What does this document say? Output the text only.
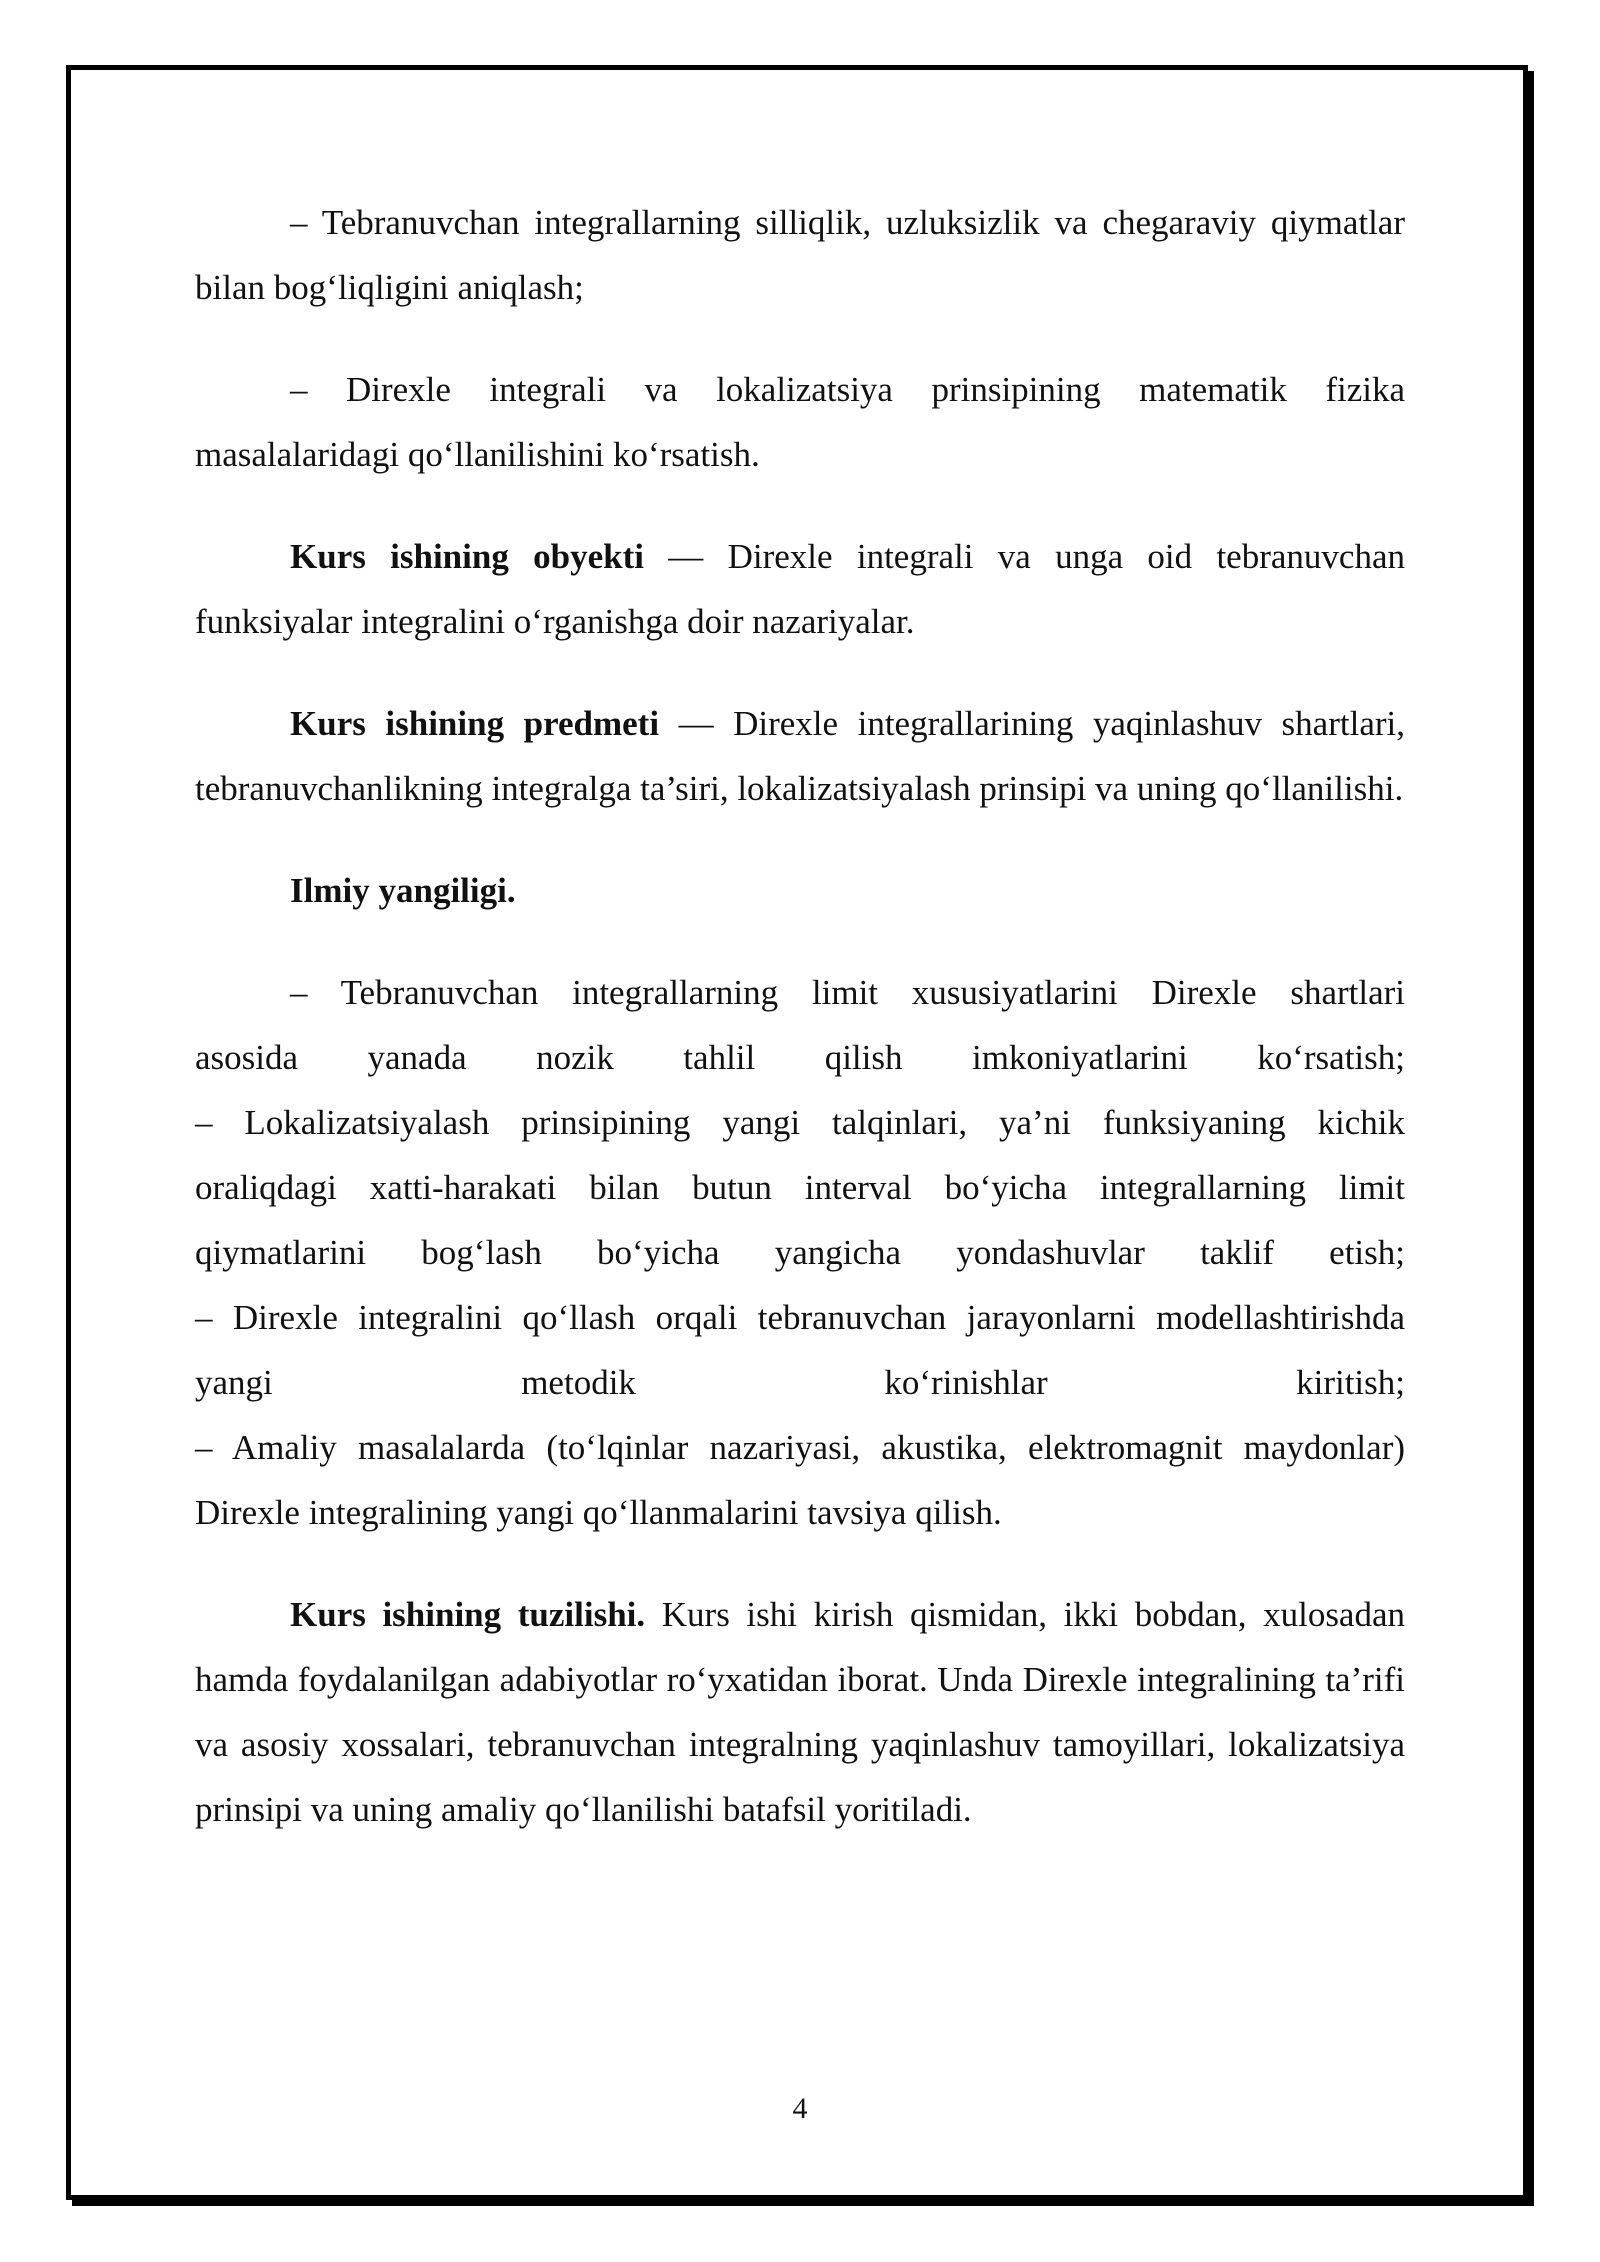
– Tebranuvchan integrallarning silliqlik, uzluksizlik va chegaraviy qiymatlar bilan bog‘liqligini aniqlash;

– Direxle integrali va lokalizatsiya prinsipining matematik fizika masalalaridagi qo‘llanilishini ko‘rsatish.

Kurs ishining obyekti — Direxle integrali va unga oid tebranuvchan funksiyalar integralini o‘rganishga doir nazariyalar.

Kurs ishining predmeti — Direxle integrallarining yaqinlashuv shartlari, tebranuvchanlikning integralga ta’siri, lokalizatsiyalash prinsipi va uning qo‘llanilishi.

Ilmiy yangiligi.

– Tebranuvchan integrallarning limit xususiyatlarini Direxle shartlari
asosida yanada nozik tahlil qilish imkoniyatlarini ko‘rsatish;
– Lokalizatsiyalash prinsipining yangi talqinlari, ya’ni funksiyaning kichik
oraliqdagi xatti-harakati bilan butun interval bo‘yicha integrallarning limit
qiymatlarini bog‘lash bo‘yicha yangicha yondashuvlar taklif etish;
– Direxle integralini qo‘llash orqali tebranuvchan jarayonlarni modellashtirishda
yangi metodik ko‘rinishlar kiritish;
– Amaliy masalalarda (to‘lqinlar nazariyasi, akustika, elektromagnit maydonlar)
Direxle integralining yangi qo‘llanmalarini tavsiya qilish.

Kurs ishining tuzilishi. Kurs ishi kirish qismidan, ikki bobdan, xulosadan hamda foydalanilgan adabiyotlar ro‘yxatidan iborat. Unda Direxle integralining ta’rifi va asosiy xossalari, tebranuvchan integralning yaqinlashuv tamoyillari, lokalizatsiya prinsipi va uning amaliy qo‘llanilishi batafsil yoritiladi.

4
